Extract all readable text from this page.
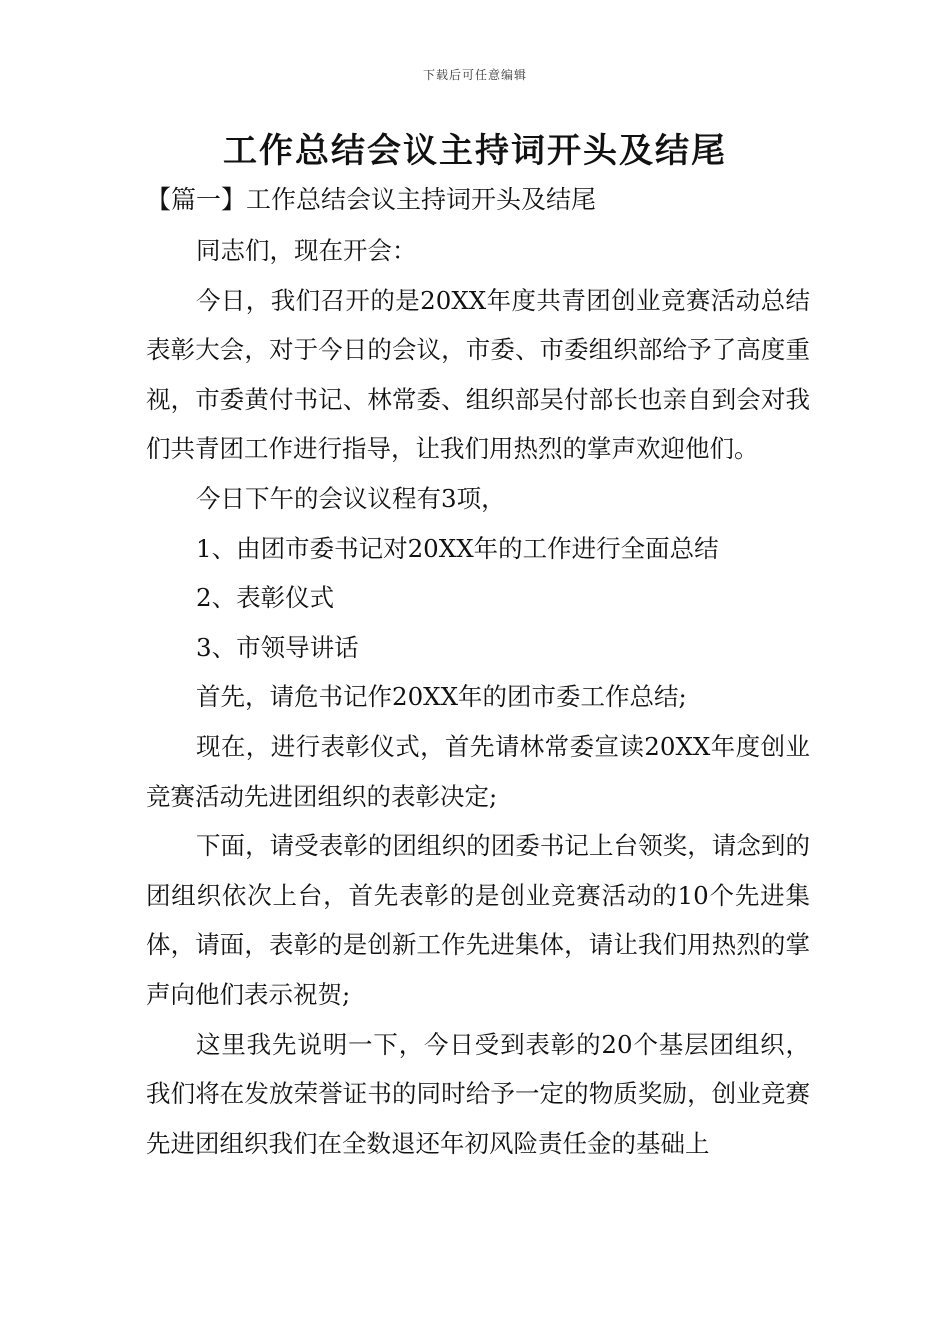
下载后可任意编辑
工作总结会议主持词开头及结尾
【篇一】工作总结会议主持词开头及结尾

同志们，现在开会：

今日，我们召开的是20XX年度共青团创业竞赛活动总结表彰大会，对于今日的会议，市委、市委组织部给予了高度重视，市委黄付书记、林常委、组织部吴付部长也亲自到会对我们共青团工作进行指导，让我们用热烈的掌声欢迎他们。

今日下午的会议议程有3项，

1、由团市委书记对20XX年的工作进行全面总结

2、表彰仪式

3、市领导讲话

首先，请危书记作20XX年的团市委工作总结;

现在，进行表彰仪式，首先请林常委宣读20XX年度创业竞赛活动先进团组织的表彰决定;

下面，请受表彰的团组织的团委书记上台领奖，请念到的团组织依次上台，首先表彰的是创业竞赛活动的10个先进集体，请面，表彰的是创新工作先进集体，请让我们用热烈的掌声向他们表示祝贺;

这里我先说明一下，今日受到表彰的20个基层团组织，我们将在发放荣誉证书的同时给予一定的物质奖励，创业竞赛先进团组织我们在全数退还年初风险责任金的基础上
